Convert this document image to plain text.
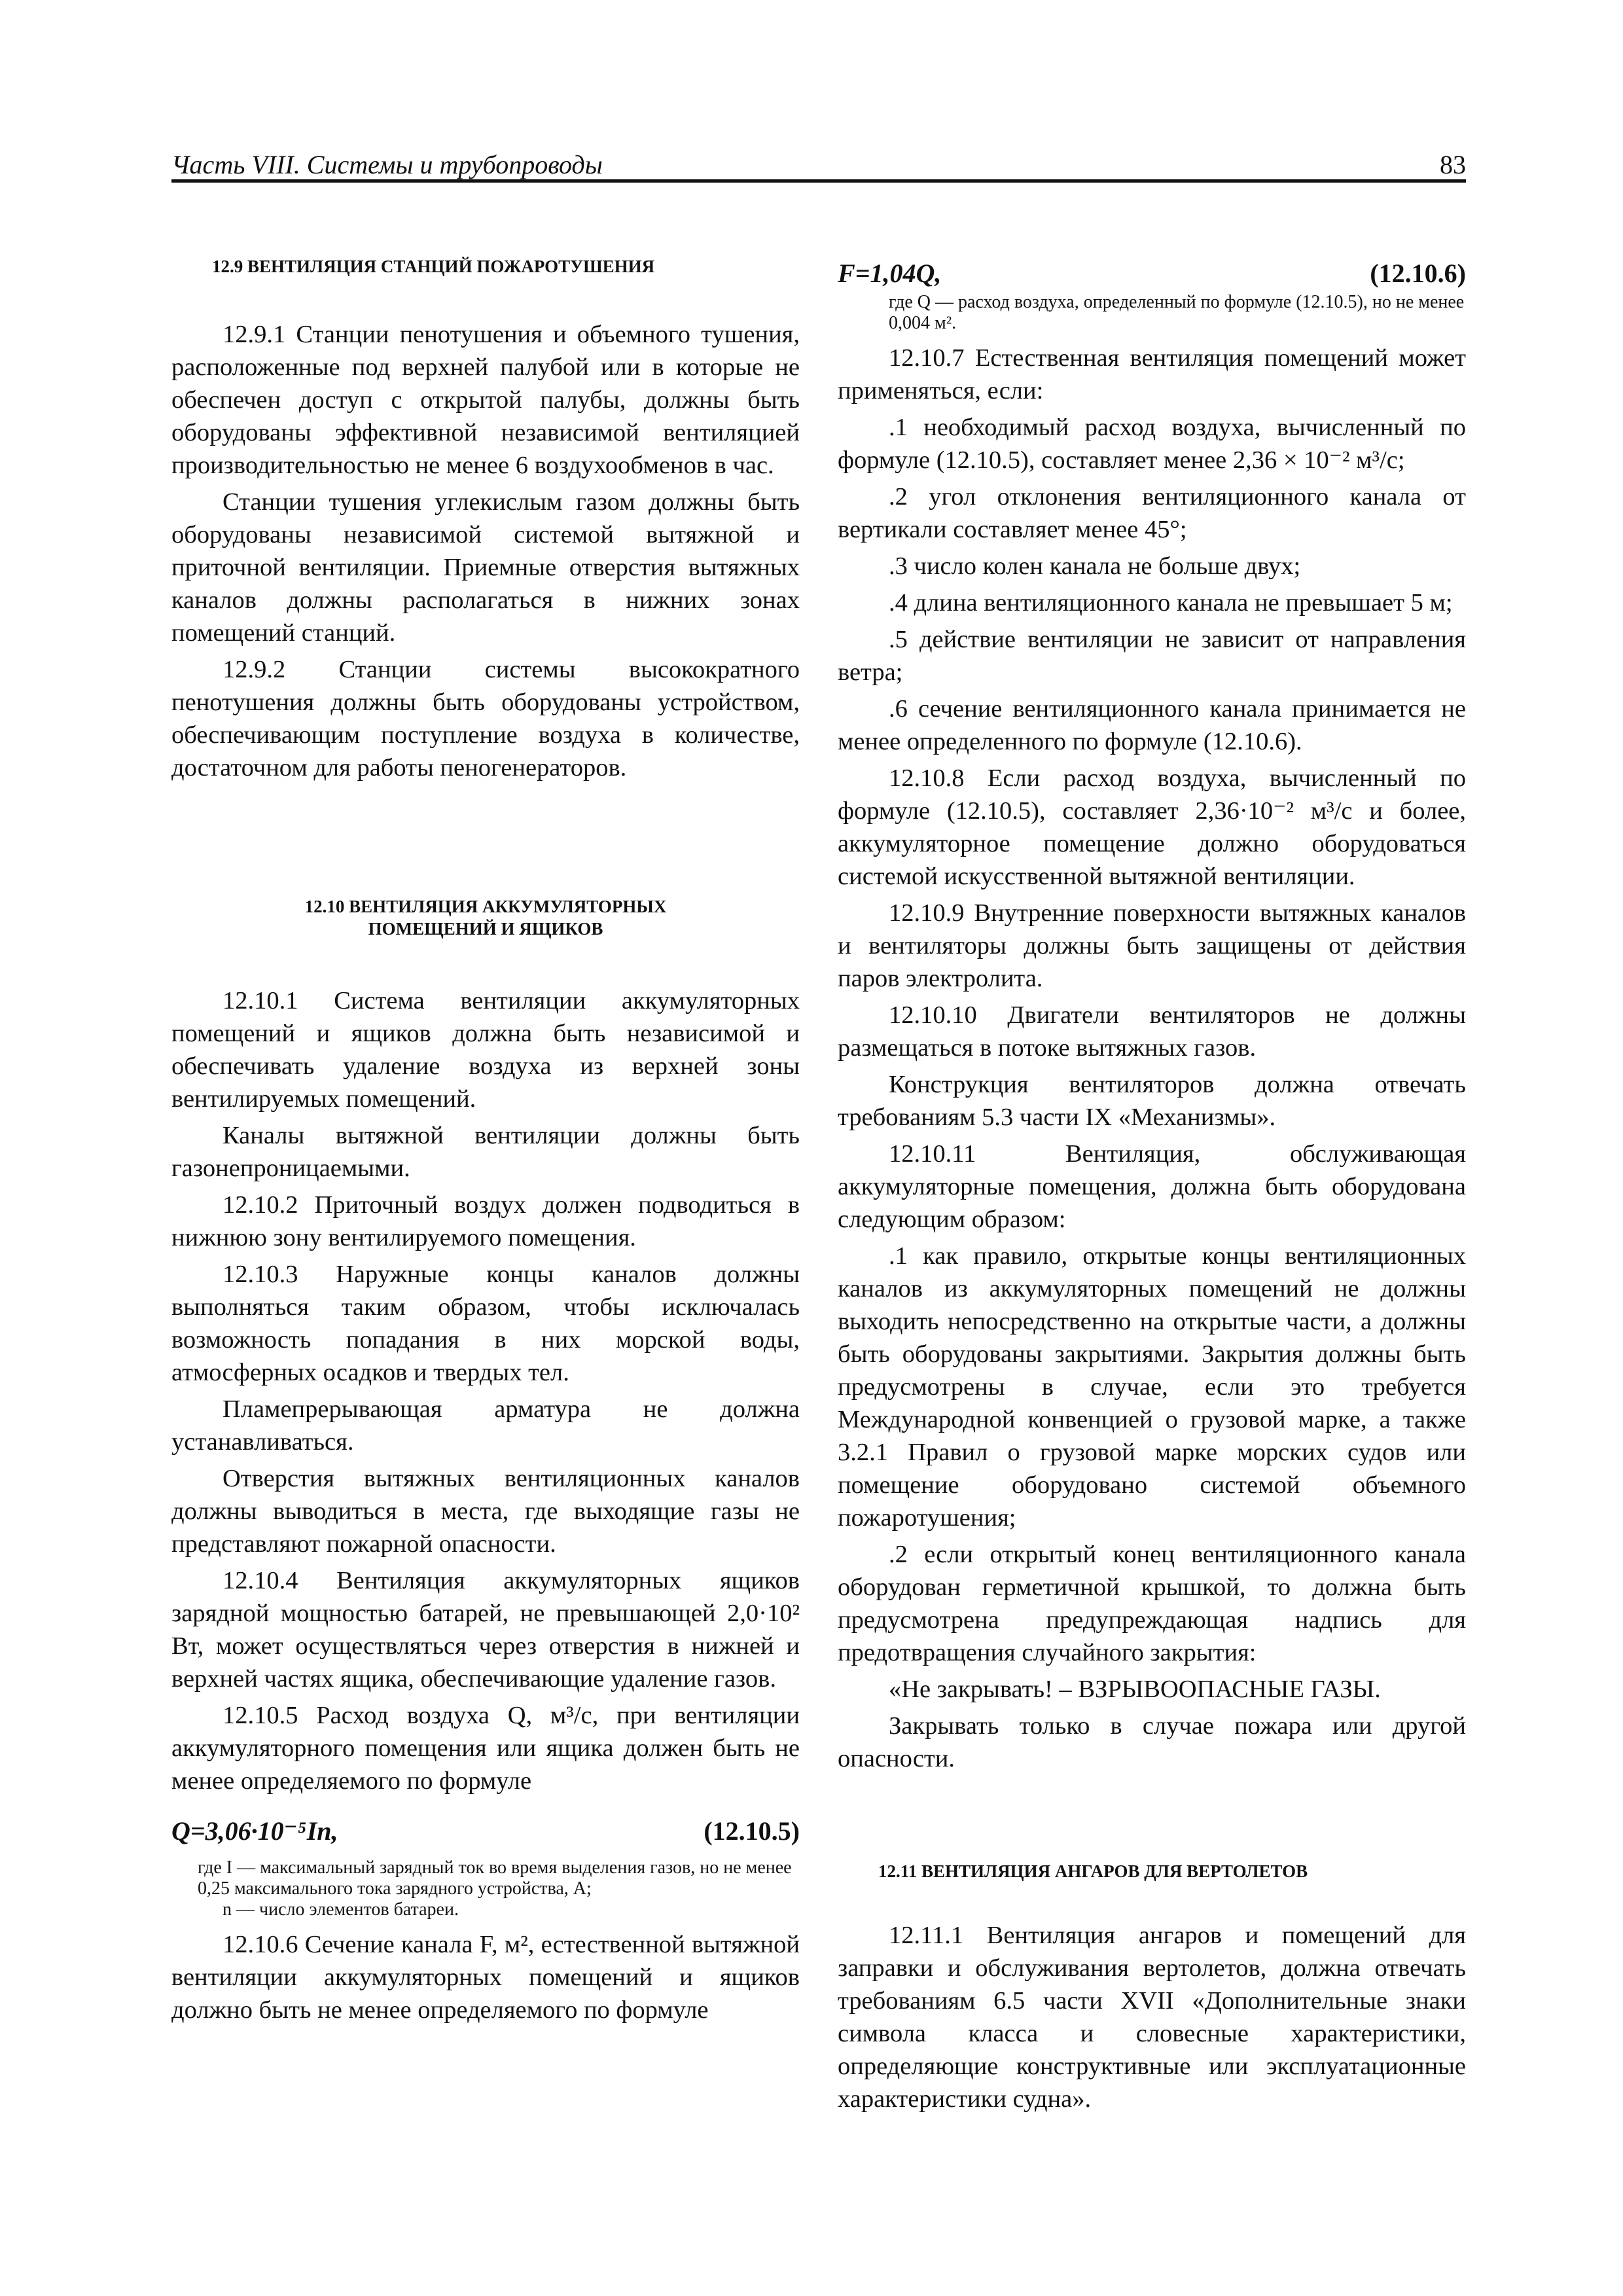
Часть VIII. Системы и трубопроводы	83
12.9 ВЕНТИЛЯЦИЯ СТАНЦИЙ ПОЖАРОТУШЕНИЯ

12.9.1 Станции пенотушения и объемного тушения, расположенные под верхней палубой или в которые не обеспечен доступ с открытой палубы, должны быть оборудованы эффективной независимой вентиляцией производительностью не менее 6 воздухообменов в час.

Станции тушения углекислым газом должны быть оборудованы независимой системой вытяжной и приточной вентиляции. Приемные отверстия вытяжных каналов должны располагаться в нижних зонах помещений станций.

12.9.2 Станции системы высокократного пенотушения должны быть оборудованы устройством, обеспечивающим поступление воздуха в количестве, достаточном для работы пеногенераторов.

12.10 ВЕНТИЛЯЦИЯ АККУМУЛЯТОРНЫХ
ПОМЕЩЕНИЙ И ЯЩИКОВ

12.10.1 Система вентиляции аккумуляторных помещений и ящиков должна быть независимой и обеспечивать удаление воздуха из верхней зоны вентилируемых помещений.

Каналы вытяжной вентиляции должны быть газонепроницаемыми.

12.10.2 Приточный воздух должен подводиться в нижнюю зону вентилируемого помещения.

12.10.3 Наружные концы каналов должны выполняться таким образом, чтобы исключалась возможность попадания в них морской воды, атмосферных осадков и твердых тел.

Пламепрерывающая арматура не должна устанавливаться.

Отверстия вытяжных вентиляционных каналов должны выводиться в места, где выходящие газы не представляют пожарной опасности.

12.10.4 Вентиляция аккумуляторных ящиков зарядной мощностью батарей, не превышающей 2,0·10² Вт, может осуществляться через отверстия в нижней и верхней частях ящика, обеспечивающие удаление газов.

12.10.5 Расход воздуха Q, м³/с, при вентиляции аккумуляторного помещения или ящика должен быть не менее определяемого по формуле

Q=3,06·10⁻⁵In,	(12.10.5)
где I — максимальный зарядный ток во время выделения газов, но не менее 0,25 максимального тока зарядного устройства, А;
n — число элементов батареи.

12.10.6 Сечение канала F, м², естественной вытяжной вентиляции аккумуляторных помещений и ящиков должно быть не менее определяемого по формуле

F=1,04Q,	(12.10.6)
где Q — расход воздуха, определенный по формуле (12.10.5), но не менее 0,004 м².

12.10.7 Естественная вентиляция помещений может применяться, если:

.1 необходимый расход воздуха, вычисленный по формуле (12.10.5), составляет менее 2,36 × 10⁻² м³/с;

.2 угол отклонения вентиляционного канала от вертикали составляет менее 45°;

.3 число колен канала не больше двух;

.4 длина вентиляционного канала не превышает 5 м;

.5 действие вентиляции не зависит от направления ветра;

.6 сечение вентиляционного канала принимается не менее определенного по формуле (12.10.6).

12.10.8 Если расход воздуха, вычисленный по формуле (12.10.5), составляет 2,36·10⁻² м³/с и более, аккумуляторное помещение должно оборудоваться системой искусственной вытяжной вентиляции.

12.10.9 Внутренние поверхности вытяжных каналов и вентиляторы должны быть защищены от действия паров электролита.

12.10.10 Двигатели вентиляторов не должны размещаться в потоке вытяжных газов.

Конструкция вентиляторов должна отвечать требованиям 5.3 части IX «Механизмы».

12.10.11 Вентиляция, обслуживающая аккумуляторные помещения, должна быть оборудована следующим образом:

.1 как правило, открытые концы вентиляционных каналов из аккумуляторных помещений не должны выходить непосредственно на открытые части, а должны быть оборудованы закрытиями. Закрытия должны быть предусмотрены в случае, если это требуется Международной конвенцией о грузовой марке, а также 3.2.1 Правил о грузовой марке морских судов или помещение оборудовано системой объемного пожаротушения;

.2 если открытый конец вентиляционного канала оборудован герметичной крышкой, то должна быть предусмотрена предупреждающая надпись для предотвращения случайного закрытия:

«Не закрывать! – ВЗРЫВООПАСНЫЕ ГАЗЫ.

Закрывать только в случае пожара или другой опасности.

12.11 ВЕНТИЛЯЦИЯ АНГАРОВ ДЛЯ ВЕРТОЛЕТОВ

12.11.1 Вентиляция ангаров и помещений для заправки и обслуживания вертолетов, должна отвечать требованиям 6.5 части XVII «Дополнительные знаки символа класса и словесные характеристики, определяющие конструктивные или эксплуатационные характеристики судна».
